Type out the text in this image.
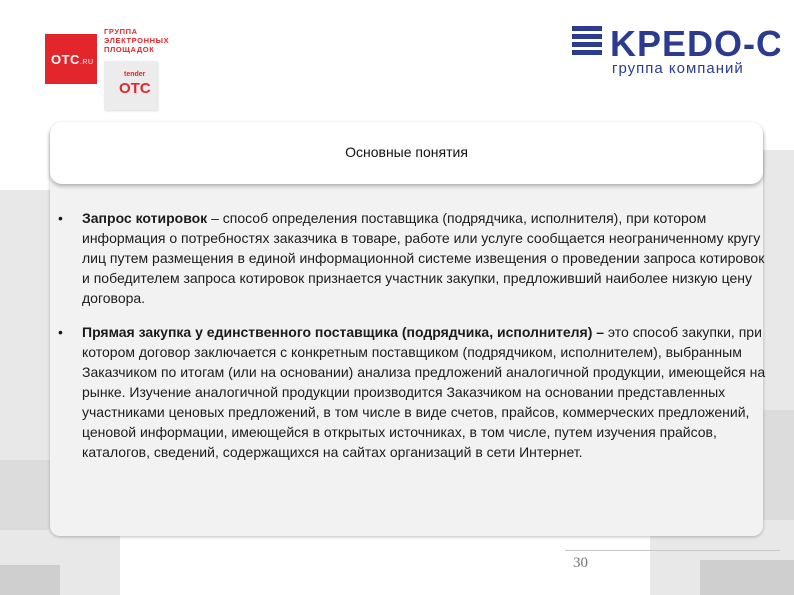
OTC.RU
ГРУППА
ЭЛЕКТРОННЫХ
ПЛОЩАДОК
tender
OTC
KPEDO-C
группа компаний
Основные понятия
• Запрос котировок – способ определения поставщика (подрядчика, исполнителя), при котором информация о потребностях заказчика в товаре, работе или услуге сообщается неограниченному кругу лиц путем размещения в единой информационной системе извещения о проведении запроса котировок и победителем запроса котировок признается участник закупки, предложивший наиболее низкую цену договора.
• Прямая закупка у единственного поставщика (подрядчика, исполнителя) – это способ закупки, при котором договор заключается с конкретным поставщиком (подрядчиком, исполнителем), выбранным Заказчиком по итогам (или на основании) анализа предложений аналогичной продукции, имеющейся на рынке. Изучение аналогичной продукции производится Заказчиком на основании представленных участниками ценовых предложений, в том числе в виде счетов, прайсов, коммерческих предложений, ценовой информации, имеющейся в открытых источниках, в том числе, путем изучения прайсов, каталогов, сведений, содержащихся на сайтах организаций в сети Интернет.
30
